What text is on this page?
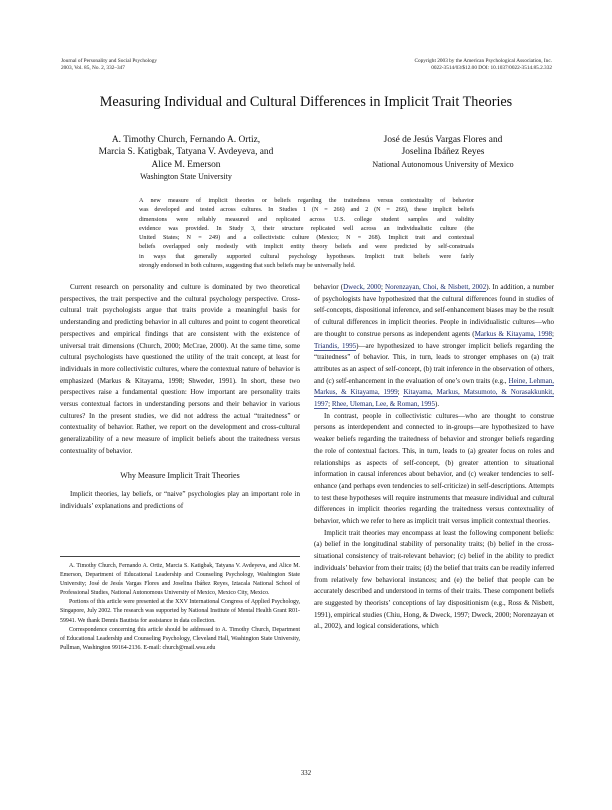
Journal of Personality and Social Psychology
2003, Vol. 85, No. 2, 332–347
Copyright 2003 by the American Psychological Association, Inc.
0022-3514/03/$12.00 DOI: 10.1037/0022-3514.85.2.332
Measuring Individual and Cultural Differences in Implicit Trait Theories
A. Timothy Church, Fernando A. Ortiz,
Marcia S. Katigbak, Tatyana V. Avdeyeva, and
Alice M. Emerson
Washington State University
José de Jesús Vargas Flores and
Joselina Ibáñez Reyes
National Autonomous University of Mexico
A new measure of implicit theories or beliefs regarding the traitedness versus contextuality of behavior
was developed and tested across cultures. In Studies 1 (N = 266) and 2 (N = 266), these implicit beliefs
dimensions were reliably measured and replicated across U.S. college student samples and validity
evidence was provided. In Study 3, their structure replicated well across an individualistic culture (the
United States; N = 249) and a collectivistic culture (Mexico; N = 268). Implicit trait and contextual
beliefs overlapped only modestly with implicit entity theory beliefs and were predicted by self-construals
in ways that generally supported cultural psychology hypotheses. Implicit trait beliefs were fairly
strongly endorsed in both cultures, suggesting that such beliefs may be universally held.

Current research on personality and culture is dominated by two theoretical perspectives, the trait perspective and the cultural psychology perspective. Cross-cultural trait psychologists argue that traits provide a meaningful basis for understanding and predicting behavior in all cultures and point to cogent theoretical perspectives and empirical findings that are consistent with the existence of universal trait dimensions (Church, 2000; McCrae, 2000). At the same time, some cultural psychologists have questioned the utility of the trait concept, at least for individuals in more collectivistic cultures, where the contextual nature of behavior is emphasized (Markus & Kitayama, 1998; Shweder, 1991). In short, these two perspectives raise a fundamental question: How important are personality traits versus contextual factors in understanding persons and their behavior in various cultures? In the present studies, we did not address the actual “traitedness” or contextuality of behavior. Rather, we report on the development and cross-cultural generalizability of a new measure of implicit beliefs about the traitedness versus contextuality of behavior.

Why Measure Implicit Trait Theories

Implicit theories, lay beliefs, or “naive” psychologies play an important role in individuals’ explanations and predictions of

A. Timothy Church, Fernando A. Ortiz, Marcia S. Katigbak, Tatyana V. Avdeyeva, and Alice M. Emerson, Department of Educational Leadership and Counseling Psychology, Washington State University; José de Jesús Vargas Flores and Joselina Ibáñez Reyes, Iztacala National School of Professional Studies, National Autonomous University of Mexico, Mexico City, Mexico.

Portions of this article were presented at the XXV International Congress of Applied Psychology, Singapore, July 2002. The research was supported by National Institute of Mental Health Grant R01-59941. We thank Dennis Bautista for assistance in data collection.

Correspondence concerning this article should be addressed to A. Timothy Church, Department of Educational Leadership and Counseling Psychology, Cleveland Hall, Washington State University, Pullman, Washington 99164-2136. E-mail: church@mail.wsu.edu

behavior (Dweck, 2000; Norenzayan, Choi, & Nisbett, 2002). In addition, a number of psychologists have hypothesized that the cultural differences found in studies of self-concepts, dispositional inference, and self-enhancement biases may be the result of cultural differences in implicit theories. People in individualistic cultures—who are thought to construe persons as independent agents (Markus & Kitayama, 1998; Triandis, 1995)—are hypothesized to have stronger implicit beliefs regarding the “traitedness” of behavior. This, in turn, leads to stronger emphases on (a) trait attributes as an aspect of self-concept, (b) trait inference in the observation of others, and (c) self-enhancement in the evaluation of one’s own traits (e.g., Heine, Lehman, Markus, & Kitayama, 1999; Kitayama, Markus, Matsumoto, & Norasakkunkit, 1997; Rhee, Uleman, Lee, & Roman, 1995).

In contrast, people in collectivistic cultures—who are thought to construe persons as interdependent and connected to in-groups—are hypothesized to have weaker beliefs regarding the traitedness of behavior and stronger beliefs regarding the role of contextual factors. This, in turn, leads to (a) greater focus on roles and relationships as aspects of self-concept, (b) greater attention to situational information in causal inferences about behavior, and (c) weaker tendencies to self-enhance (and perhaps even tendencies to self-criticize) in self-descriptions. Attempts to test these hypotheses will require instruments that measure individual and cultural differences in implicit theories regarding the traitedness versus contextuality of behavior, which we refer to here as implicit trait versus implicit contextual theories.

Implicit trait theories may encompass at least the following component beliefs: (a) belief in the longitudinal stability of personality traits; (b) belief in the cross-situational consistency of trait-relevant behavior; (c) belief in the ability to predict individuals’ behavior from their traits; (d) the belief that traits can be readily inferred from relatively few behavioral instances; and (e) the belief that people can be accurately described and understood in terms of their traits. These component beliefs are suggested by theorists’ conceptions of lay dispositionism (e.g., Ross & Nisbett, 1991), empirical studies (Chiu, Hong, & Dweck, 1997; Dweck, 2000; Norenzayan et al., 2002), and logical considerations, which

332
